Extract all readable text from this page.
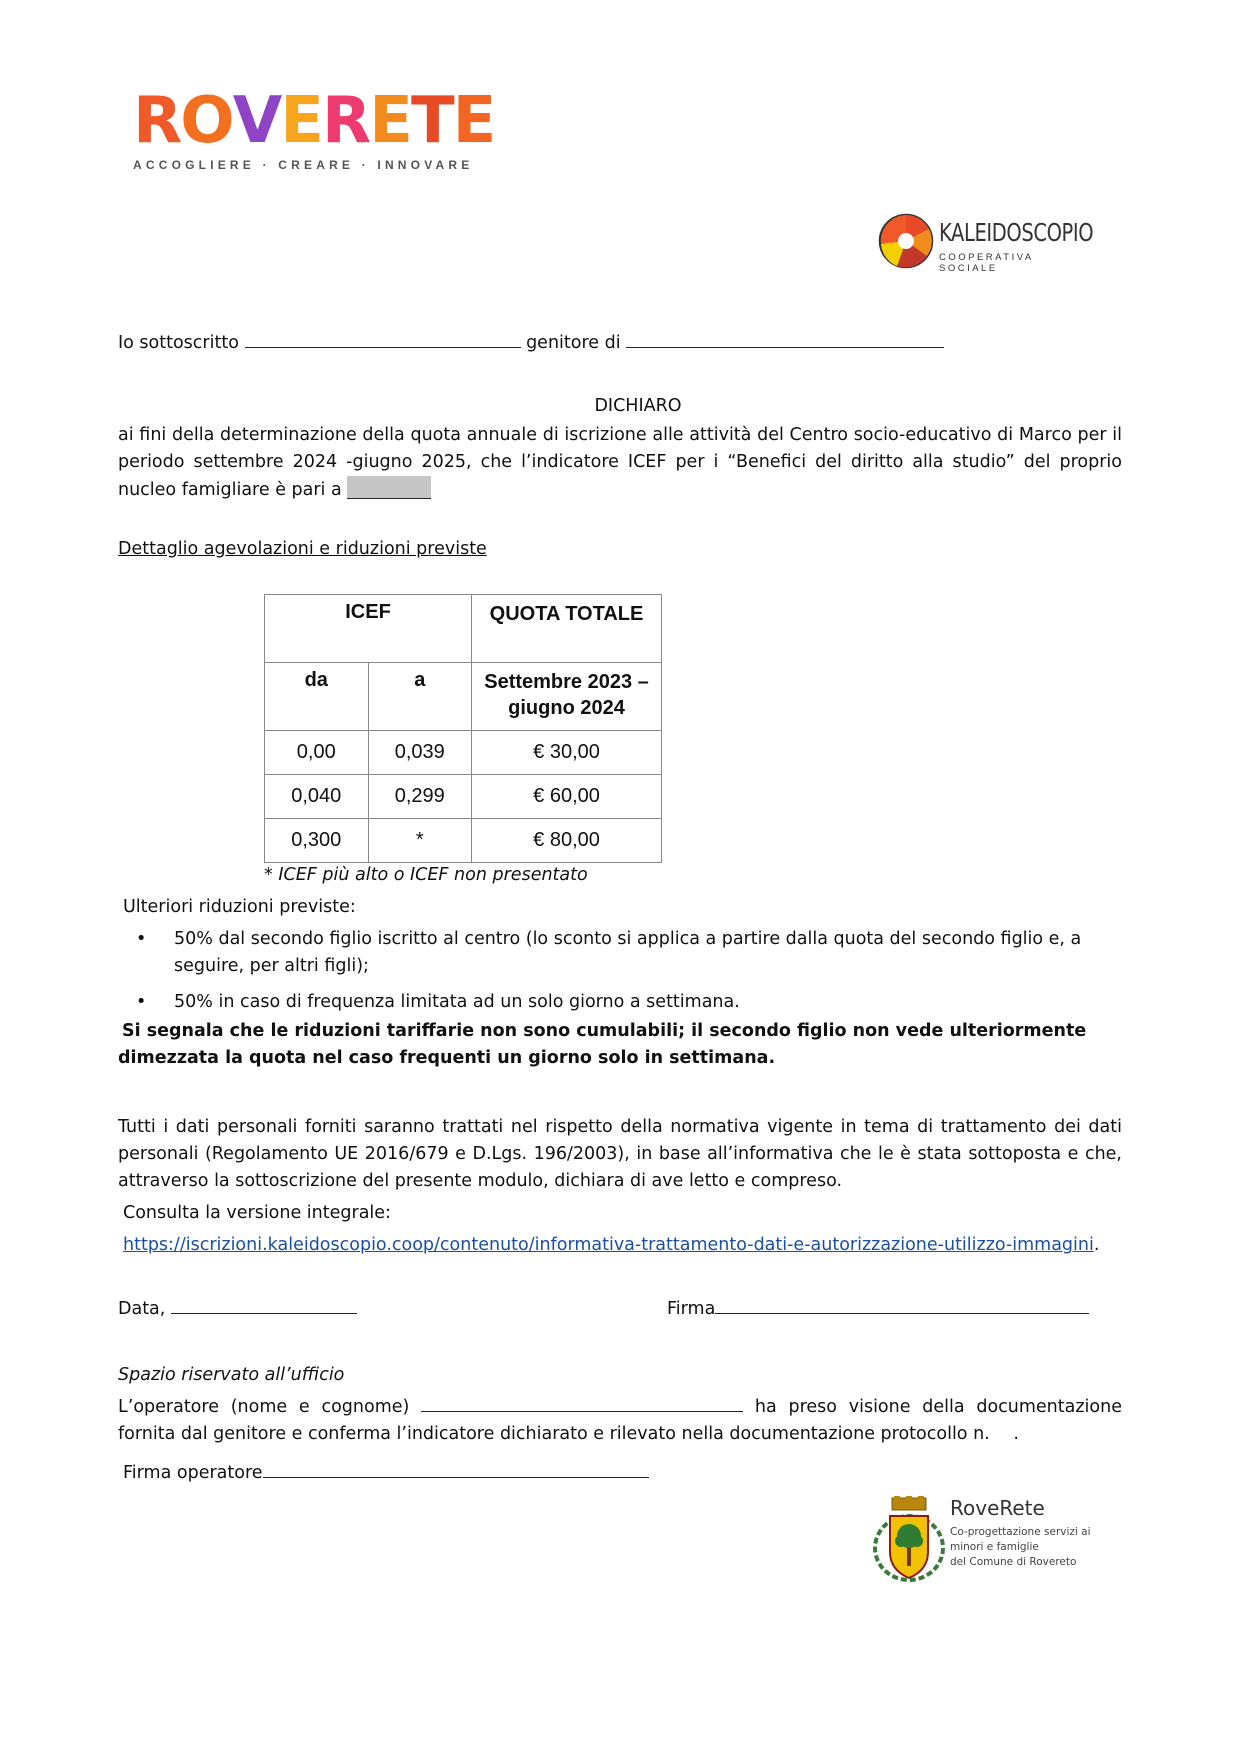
R O V E R E T E
ACCOGLIERE · CREARE · INNOVARE
KALEIDOSCOPIO
COOPERATIVA SOCIALE
Io sottoscritto	genitore di
DICHIARO
ai fini della determinazione della quota annuale di iscrizione alle attività del Centro socio-educativo di Marco per il periodo settembre 2024 -giugno 2025, che l’indicatore ICEF per i “Benefici del diritto alla studio” del proprio nucleo famigliare è pari a
Dettaglio agevolazioni e riduzioni previste
ICEF		QUOTA TOTALE
da	a	Settembre 2023 – giugno 2024
0,00	0,039	€ 30,00
0,040	0,299	€ 60,00
0,300	*	€ 80,00
* ICEF più alto o ICEF non presentato
Ulteriori riduzioni previste:
•	50% dal secondo figlio iscritto al centro (lo sconto si applica a partire dalla quota del secondo figlio e, a seguire, per altri figli);
•	50% in caso di frequenza limitata ad un solo giorno a settimana.
Si segnala che le riduzioni tariffarie non sono cumulabili; il secondo figlio non vede ulteriormente dimezzata la quota nel caso frequenti un giorno solo in settimana.
Tutti i dati personali forniti saranno trattati nel rispetto della normativa vigente in tema di trattamento dei dati personali (Regolamento UE 2016/679 e D.Lgs. 196/2003), in base all’informativa che le è stata sottoposta e che, attraverso la sottoscrizione del presente modulo, dichiara di ave letto e compreso.
Consulta la versione integrale:
https://iscrizioni.kaleidoscopio.coop/contenuto/informativa-trattamento-dati-e-autorizzazione-utilizzo-immagini.
Data,	Firma
Spazio riservato all’ufficio
L’operatore (nome e cognome)	ha preso visione della documentazione fornita dal genitore e conferma l’indicatore dichiarato e rilevato nella documentazione protocollo n. .
Firma operatore
RoveRete
Co-progettazione servizi ai
minori e famiglie
del Comune di Rovereto
